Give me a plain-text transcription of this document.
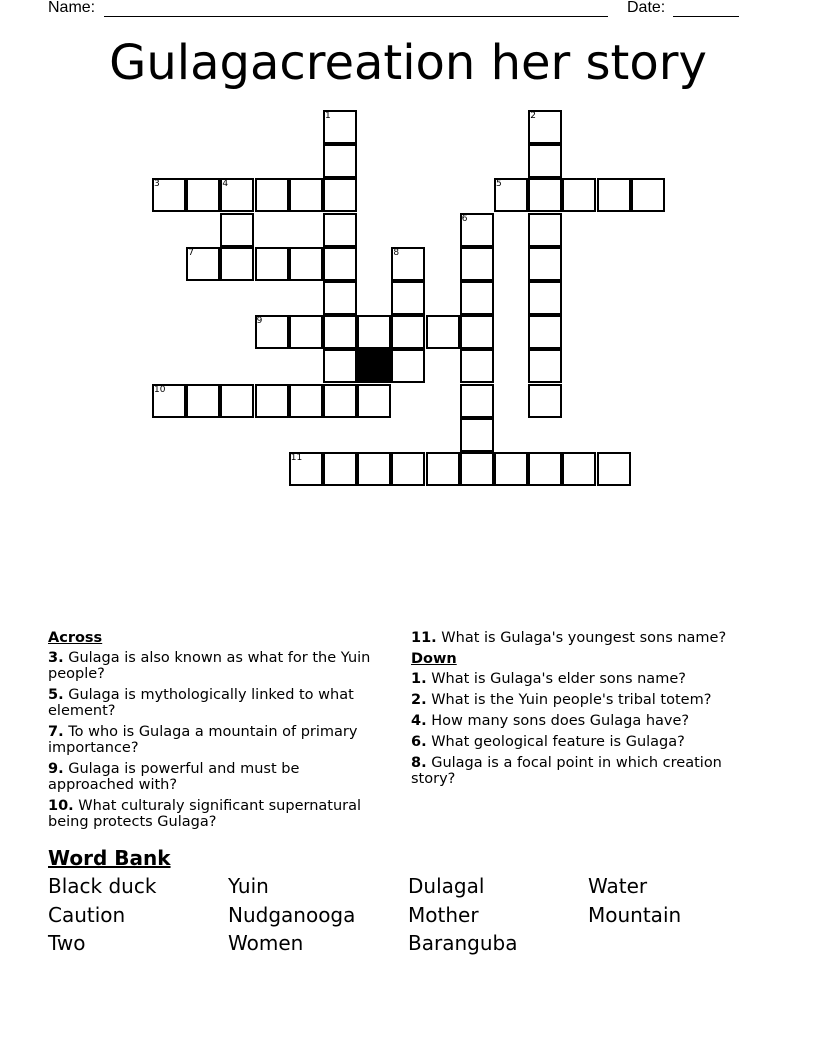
Name:	Date:
Gulagacreation her story
1	2
3	4	5
6
7	8
9
10
11
Across
3. Gulaga is also known as what for the Yuin people?
5. Gulaga is mythologically linked to what element?
7. To who is Gulaga a mountain of primary importance?
9. Gulaga is powerful and must be approached with?
10. What culturaly significant supernatural being protects Gulaga?
11. What is Gulaga's youngest sons name?
Down
1. What is Gulaga's elder sons name?
2. What is the Yuin people's tribal totem?
4. How many sons does Gulaga have?
6. What geological feature is Gulaga?
8. Gulaga is a focal point in which creation story?
Word Bank
Black duck	Yuin	Dulagal	Water
Caution	Nudganooga	Mother	Mountain
Two	Women	Baranguba
